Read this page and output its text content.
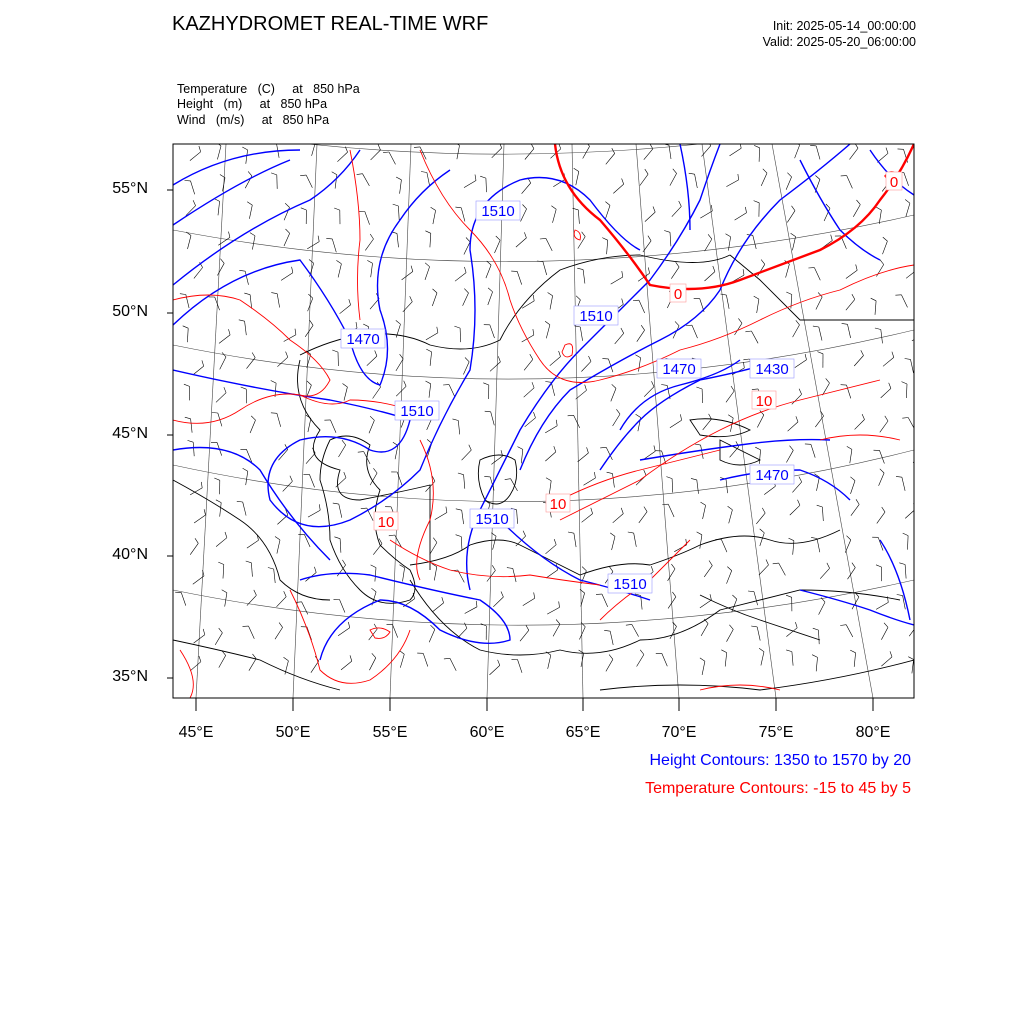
1510
1510
1470
1510
1470	1430
1470
1510
1510
0
0
10
10
10
KAZHYDROMET REAL-TIME WRF	Init: 2025-05-14_00:00:00
Valid: 2025-05-20_06:00:00
Temperature   (C)     at   850 hPa
Height   (m)     at   850 hPa
Wind   (m/s)     at   850 hPa
55°N
50°N
45°N
40°N
35°N
45°E	50°E	55°E	60°E	65°E	70°E	75°E	80°E
Height Contours: 1350 to 1570 by 20
Temperature Contours: -15 to 45 by 5
